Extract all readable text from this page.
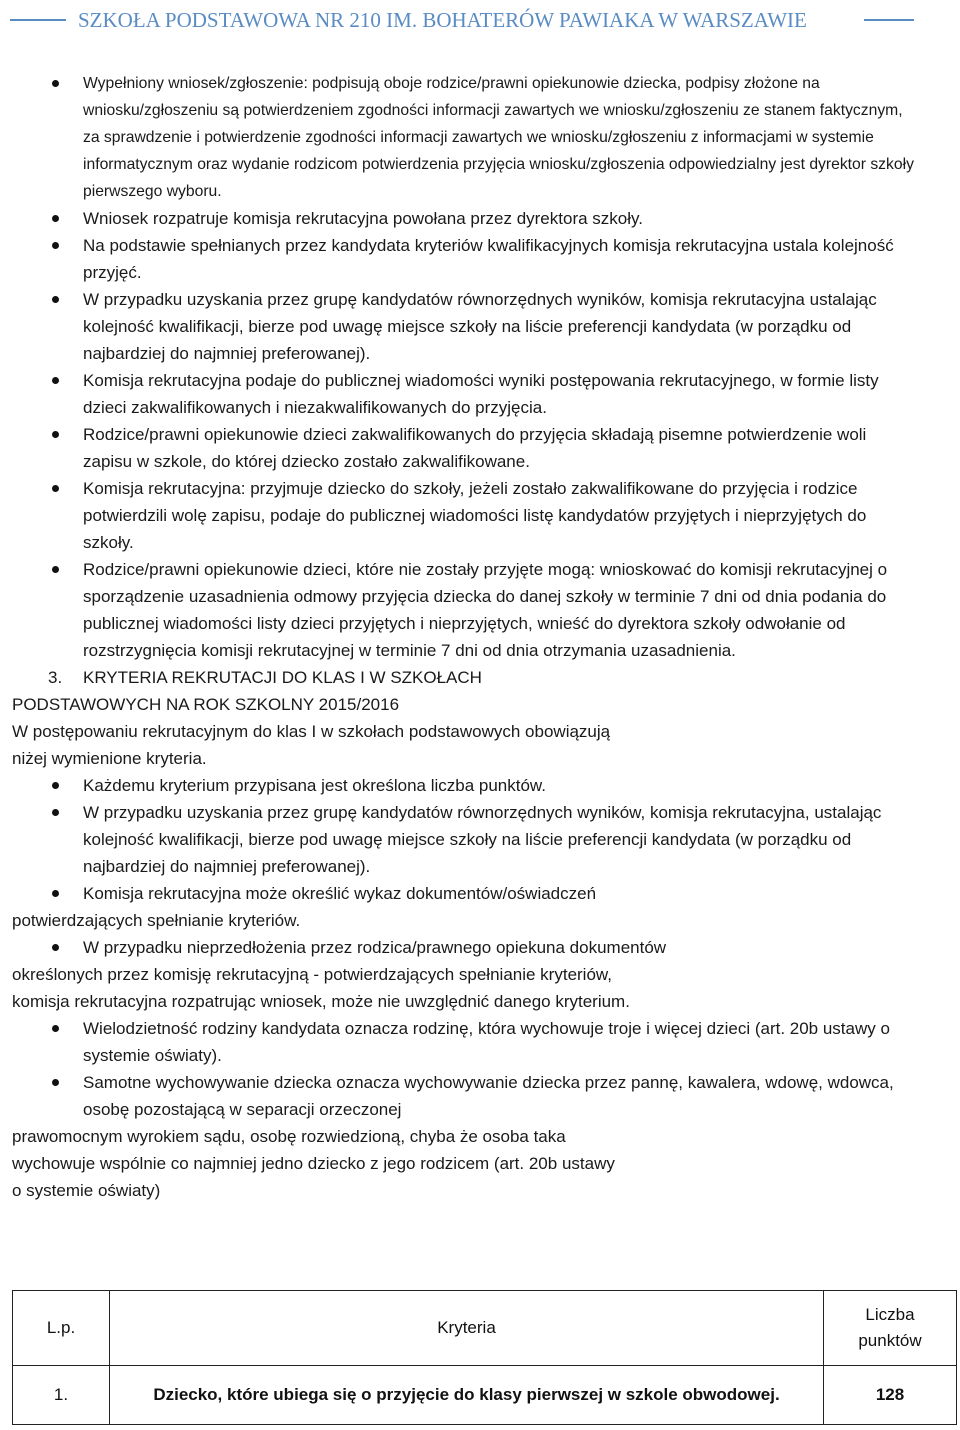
SZKOŁA PODSTAWOWA NR 210 IM. BOHATERÓW PAWIAKA W WARSZAWIE
Wypełniony wniosek/zgłoszenie: podpisują oboje rodzice/prawni opiekunowie dziecka, podpisy złożone na wniosku/zgłoszeniu są potwierdzeniem zgodności informacji zawartych we wniosku/zgłoszeniu ze stanem faktycznym, za sprawdzenie i potwierdzenie zgodności informacji zawartych we wniosku/zgłoszeniu z informacjami w systemie informatycznym oraz wydanie rodzicom potwierdzenia przyjęcia wniosku/zgłoszenia odpowiedzialny jest dyrektor szkoły pierwszego wyboru.
Wniosek rozpatruje komisja rekrutacyjna powołana przez dyrektora szkoły.
Na podstawie spełnianych przez kandydata kryteriów kwalifikacyjnych komisja rekrutacyjna ustala kolejność przyjęć.
W przypadku uzyskania przez grupę kandydatów równorzędnych wyników, komisja rekrutacyjna ustalając kolejność kwalifikacji, bierze pod uwagę miejsce szkoły na liście preferencji kandydata (w porządku od najbardziej do najmniej preferowanej).
Komisja rekrutacyjna podaje do publicznej wiadomości wyniki postępowania rekrutacyjnego, w formie listy dzieci zakwalifikowanych i niezakwalifikowanych do przyjęcia.
Rodzice/prawni opiekunowie dzieci zakwalifikowanych do przyjęcia składają pisemne potwierdzenie woli zapisu w szkole, do której dziecko zostało zakwalifikowane.
Komisja rekrutacyjna: przyjmuje dziecko do szkoły, jeżeli zostało zakwalifikowane do przyjęcia i rodzice potwierdzili wolę zapisu, podaje do publicznej wiadomości listę kandydatów przyjętych i nieprzyjętych do szkoły.
Rodzice/prawni opiekunowie dzieci, które nie zostały przyjęte mogą: wnioskować do komisji rekrutacyjnej o sporządzenie uzasadnienia odmowy przyjęcia dziecka do danej szkoły w terminie 7 dni od dnia podania do publicznej wiadomości listy dzieci przyjętych i nieprzyjętych, wnieść do dyrektora szkoły odwołanie od rozstrzygnięcia komisji rekrutacyjnej w terminie 7 dni od dnia otrzymania uzasadnienia.

3. KRYTERIA REKRUTACJI DO KLAS I W SZKOŁACH

PODSTAWOWYCH NA ROK SZKOLNY 2015/2016

W postępowaniu rekrutacyjnym do klas I w szkołach podstawowych obowiązują

niżej wymienione kryteria.

Każdemu kryterium przypisana jest określona liczba punktów.
W przypadku uzyskania przez grupę kandydatów równorzędnych wyników, komisja rekrutacyjna, ustalając kolejność kwalifikacji, bierze pod uwagę miejsce szkoły na liście preferencji kandydata (w porządku od najbardziej do najmniej preferowanej).
Komisja rekrutacyjna może określić wykaz dokumentów/oświadczeń

potwierdzających spełnianie kryteriów.

W przypadku nieprzedłożenia przez rodzica/prawnego opiekuna dokumentów

określonych przez komisję rekrutacyjną - potwierdzających spełnianie kryteriów,

komisja rekrutacyjna rozpatrując wniosek, może nie uwzględnić danego kryterium.

Wielodzietność rodziny kandydata oznacza rodzinę, która wychowuje troje i więcej dzieci (art. 20b ustawy o systemie oświaty).
Samotne wychowywanie dziecka oznacza wychowywanie dziecka przez pannę, kawalera, wdowę, wdowca, osobę pozostającą w separacji orzeczonej

prawomocnym wyrokiem sądu, osobę rozwiedzioną, chyba że osoba taka

wychowuje wspólnie co najmniej jedno dziecko z jego rodzicem (art. 20b ustawy

o systemie oświaty)

L.p.	Kryteria	Liczba
punktów
1.	Dziecko, które ubiega się o przyjęcie do klasy pierwszej w szkole obwodowej.	128
